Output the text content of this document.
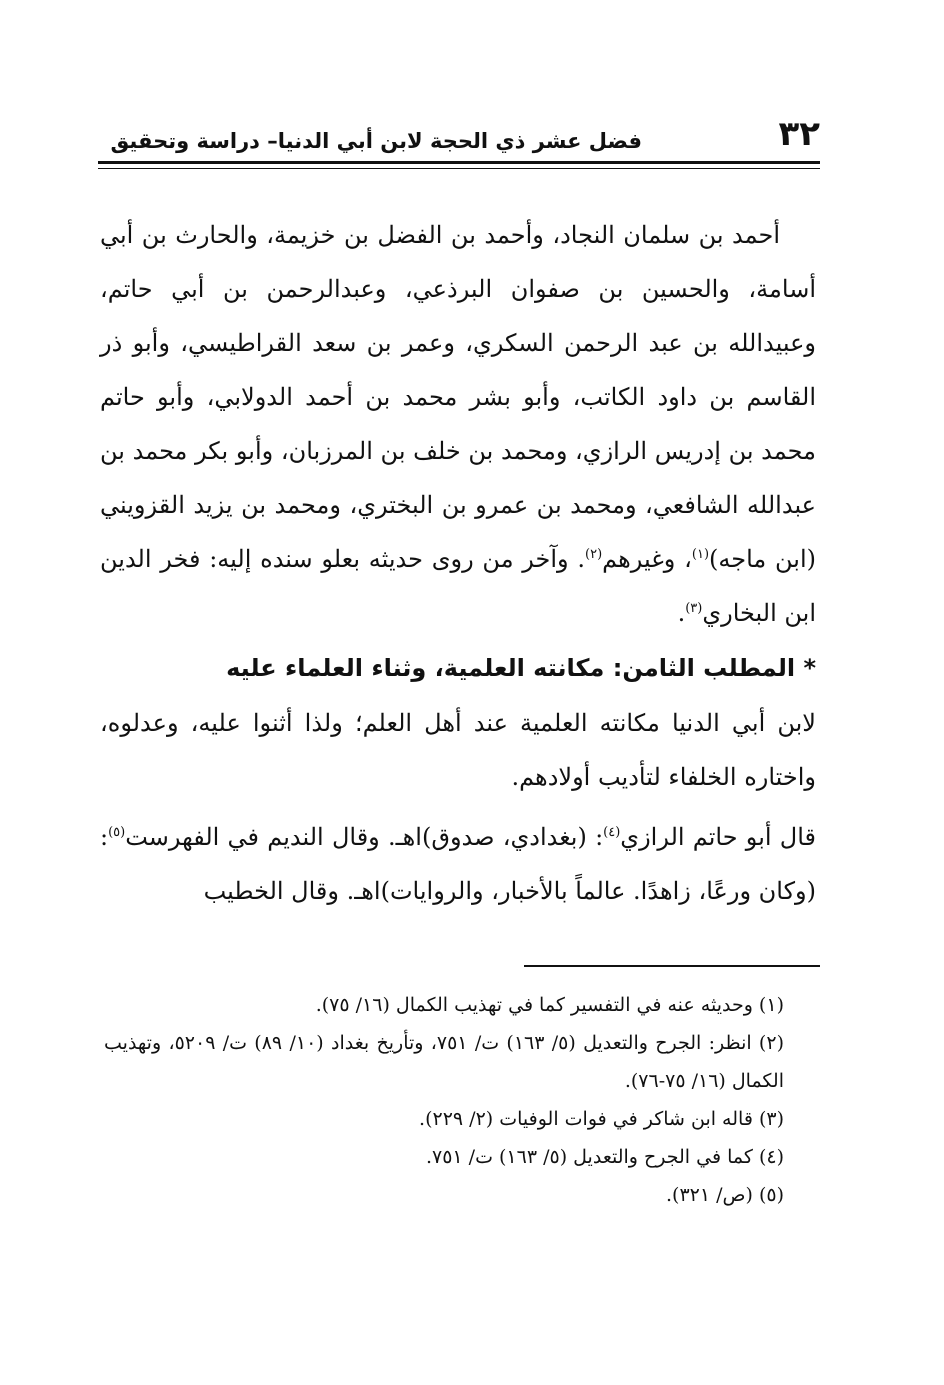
٣٢
فضل عشر ذي الحجة لابن أبي الدنيا– دراسة وتحقيق

أحمد بن سلمان النجاد، وأحمد بن الفضل بن خزيمة، والحارث بن أبي أسامة، والحسين بن صفوان البرذعي، وعبدالرحمن بن أبي حاتم، وعبيدالله بن عبد الرحمن السكري، وعمر بن سعد القراطيسي، وأبو ذر القاسم بن داود الكاتب، وأبو بشر محمد بن أحمد الدولابي، وأبو حاتم محمد بن إدريس الرازي، ومحمد بن خلف بن المرزبان، وأبو بكر محمد بن عبدالله الشافعي، ومحمد بن عمرو بن البختري، ومحمد بن يزيد القزويني (ابن ماجه)$^{(١)}$، وغيرهم$^{(٢)}$. وآخر من روى حديثه بعلو سنده إليه: فخر الدين ابن البخاري$^{(٣)}$.

* المطلب الثامن: مكانته العلمية، وثناء العلماء عليه

لابن أبي الدنيا مكانته العلمية عند أهل العلم؛ ولذا أثنوا عليه، وعدلوه، واختاره الخلفاء لتأديب أولادهم.

قال أبو حاتم الرازي$^{(٤)}$: (بغدادي، صدوق)اهـ. وقال النديم في الفهرست$^{(٥)}$: (وكان ورعًا، زاهدًا. عالماً بالأخبار، والروايات)اهـ. وقال الخطيب

(١) وحديثه عنه في التفسير كما في تهذيب الكمال (١٦/ ٧٥).

(٢) انظر: الجرح والتعديل (٥/ ١٦٣) ت/ ٧٥١، وتأريخ بغداد (١٠/ ٨٩) ت/ ٥٢٠٩، وتهذيب الكمال (١٦/ ٧٥-٧٦).

(٣) قاله ابن شاكر في فوات الوفيات (٢/ ٢٢٩).

(٤) كما في الجرح والتعديل (٥/ ١٦٣) ت/ ٧٥١.

(٥) (ص/ ٣٢١).
